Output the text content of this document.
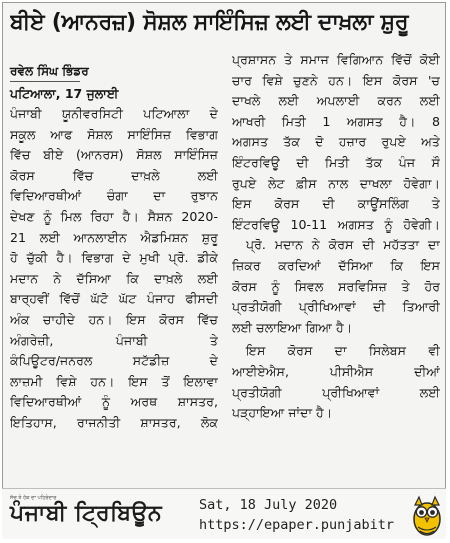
ਬੀਏ (ਆਨਰਜ਼) ਸੋਸ਼ਲ ਸਾਇੰਸਿਜ਼ ਲਈ ਦਾਖ਼ਲਾ ਸ਼ੁਰੂ
ਰਵੇਲ ਸਿੰਘ ਭਿੰਡਰ
ਪਟਿਆਲਾ, 17 ਜੁਲਾਈ
ਪੰਜਾਬੀ ਯੂਨੀਵਰਸਿਟੀ ਪਟਿਆਲਾ ਦੇ
ਸਕੂਲ ਆਫ ਸੋਸ਼ਲ ਸਾਇੰਸਿਜ਼ ਵਿਭਾਗ
ਵਿੱਚ ਬੀਏ (ਆਨਰਸ) ਸੋਸ਼ਲ ਸਾਇੰਸਿਜ਼
ਕੋਰਸ ਵਿੱਚ ਦਾਖ਼ਲੇ ਲਈ
ਵਿਦਿਆਰਥੀਆਂ ਚੰਗਾ ਦਾ ਰੁਝਾਨ
ਦੇਖਣ ਨੂੰ ਮਿਲ ਰਿਹਾ ਹੈ। ਸੈਸ਼ਨ 2020-
21 ਲਈ ਆਨਲਾਈਨ ਐਡਮਿਸ਼ਨ ਸ਼ੁਰੂ
ਹੋ ਚੁੱਕੀ ਹੈ। ਵਿਭਾਗ ਦੇ ਮੁਖੀ ਪ੍ਰੋ. ਡੀਕੇ
ਮਦਾਨ ਨੇ ਦੱਸਿਆ ਕਿ ਦਾਖ਼ਲੇ ਲਈ
ਬਾਰ੍ਹਵੀਂ ਵਿੱਚੋਂ ਘੱਟੋ ਘੱਟ ਪੰਜਾਹ ਫੀਸਦੀ
ਅੰਕ ਚਾਹੀਦੇ ਹਨ। ਇਸ ਕੋਰਸ ਵਿੱਚ
ਅੰਗਰੇਜ਼ੀ, ਪੰਜਾਬੀ ਤੇ
ਕੰਪਿਊਟਰ/ਜਨਰਲ ਸਟੱਡੀਜ਼ ਦੇ
ਲਾਜ਼ਮੀ ਵਿਸ਼ੇ ਹਨ। ਇਸ ਤੋਂ ਇਲਾਵਾ
ਵਿਦਿਆਰਥੀਆਂ ਨੂੰ ਅਰਥ ਸ਼ਾਸਤਰ,
ਇਤਿਹਾਸ, ਰਾਜਨੀਤੀ ਸ਼ਾਸਤਰ, ਲੋਕ
ਪ੍ਰਸ਼ਾਸਨ ਤੇ ਸਮਾਜ ਵਿਗਿਆਨ ਵਿੱਚੋਂ ਕੋਈ
ਚਾਰ ਵਿਸ਼ੇ ਚੁਣਨੇ ਹਨ। ਇਸ ਕੋਰਸ 'ਚ
ਦਾਖਲੇ ਲਈ ਅਪਲਾਈ ਕਰਨ ਲਈ
ਆਖਰੀ ਮਿਤੀ 1 ਅਗਸਤ ਹੈ। 8
ਅਗਸਤ ਤੱਕ ਦੋ ਹਜ਼ਾਰ ਰੁਪਏ ਅਤੇ
ਇੰਟਰਵਿਊ ਦੀ ਮਿਤੀ ਤੱਕ ਪੰਜ ਸੌ
ਰੁਪਏ ਲੇਟ ਫ਼ੀਸ ਨਾਲ ਦਾਖਲਾ ਹੋਵੇਗਾ।
ਇਸ ਕੋਰਸ ਦੀ ਕਾਊਂਸਲਿੰਗ ਤੇ
ਇੰਟਰਵਿਊ 10-11 ਅਗਸਤ ਨੂੰ ਹੋਵੇਗੀ।
ਪ੍ਰੋ. ਮਦਾਨ ਨੇ ਕੋਰਸ ਦੀ ਮਹੱਤਤਾ ਦਾ
ਜ਼ਿਕਰ ਕਰਦਿਆਂ ਦੱਸਿਆ ਕਿ ਇਸ
ਕੋਰਸ ਨੂੰ ਸਿਵਲ ਸਰਵਿਸਿਜ਼ ਤੇ ਹੋਰ
ਪ੍ਰਤੀਯੋਗੀ ਪ੍ਰੀਖਿਆਵਾਂ ਦੀ ਤਿਆਰੀ
ਲਈ ਚਲਾਇਆ ਗਿਆ ਹੈ।
ਇਸ ਕੋਰਸ ਦਾ ਸਿਲੇਬਸ ਵੀ
ਆਈਏਐਸ, ਪੀਸੀਐਸ ਦੀਆਂ
ਪ੍ਰਤੀਯੋਗੀ ਪ੍ਰੀਖਿਆਵਾਂ ਲਈ
ਪੜ੍ਹਾਇਆ ਜਾਂਦਾ ਹੈ।
ਸੱਚ ਤੇ ਹੱਕ ਦਾ ਪਹਿਰੇਦਾਰ
ਪੰਜਾਬੀ ਟ੍ਰਿਬਿਊਨ	Sat, 18 July 2020
https://epaper.punjabitr
